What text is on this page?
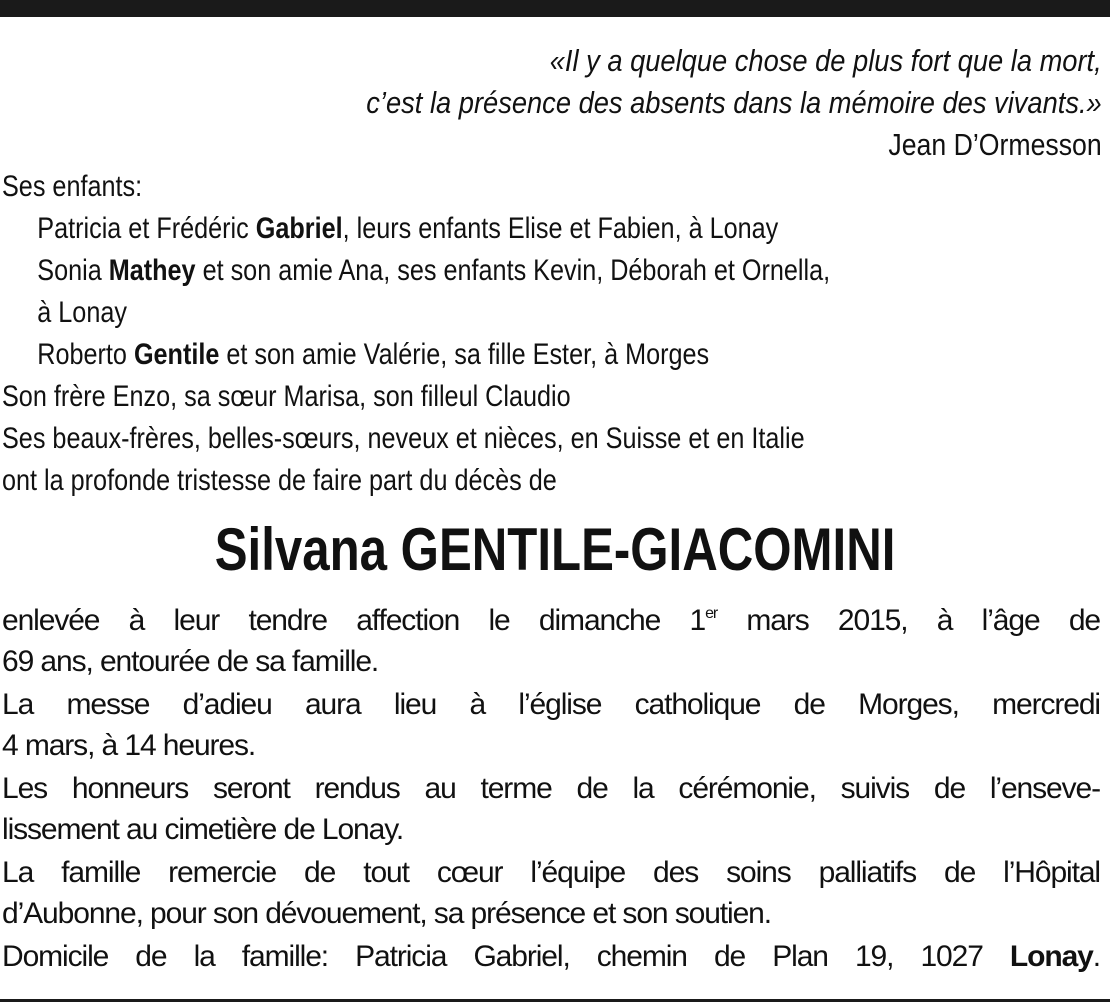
«Il y a quelque chose de plus fort que la mort,
c’est la présence des absents dans la mémoire des vivants.»
Jean D’Ormesson
Ses enfants:
Patricia et Frédéric Gabriel, leurs enfants Elise et Fabien, à Lonay
Sonia Mathey et son amie Ana, ses enfants Kevin, Déborah et Ornella,
à Lonay
Roberto Gentile et son amie Valérie, sa fille Ester, à Morges
Son frère Enzo, sa sœur Marisa, son filleul Claudio
Ses beaux-frères, belles-sœurs, neveux et nièces, en Suisse et en Italie
ont la profonde tristesse de faire part du décès de
Silvana GENTILE-GIACOMINI
enlevée à leur tendre affection le dimanche 1er mars 2015, à l’âge de
69 ans, entourée de sa famille.
La messe d’adieu aura lieu à l’église catholique de Morges, mercredi
4 mars, à 14 heures.
Les honneurs seront rendus au terme de la cérémonie, suivis de l’enseve-
lissement au cimetière de Lonay.
La famille remercie de tout cœur l’équipe des soins palliatifs de l’Hôpital
d’Aubonne, pour son dévouement, sa présence et son soutien.
Domicile de la famille: Patricia Gabriel, chemin de Plan 19, 1027 Lonay.
